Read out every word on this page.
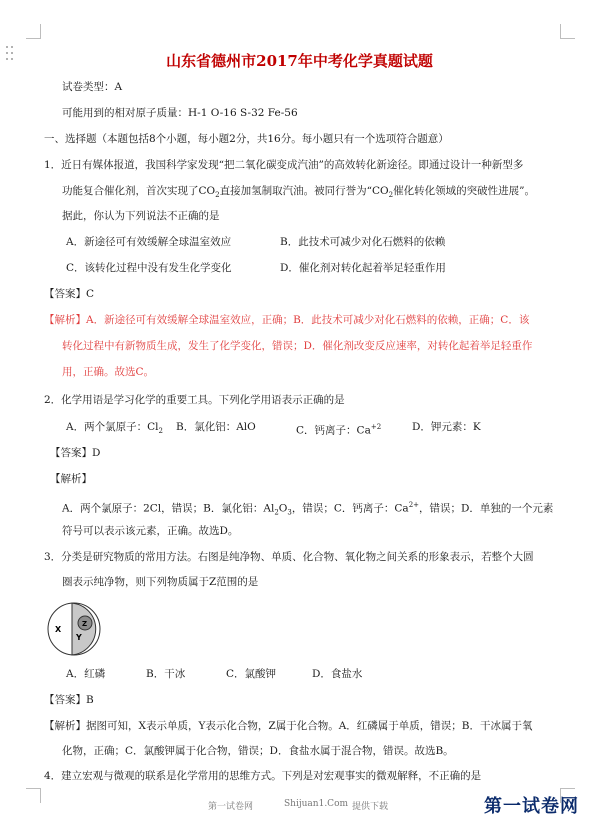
山东省德州市2017年中考化学真题试题
试卷类型：A
可能用到的相对原子质量：H-1 O-16 S-32 Fe-56
一、选择题（本题包括8个小题，每小题2分，共16分。每小题只有一个选项符合题意）
1．近日有媒体报道，我国科学家发现“把二氧化碳变成汽油”的高效转化新途径。即通过设计一种新型多
功能复合催化剂，首次实现了$CO_2$直接加氢制取汽油。被同行誉为“$CO_2$催化转化领域的突破性进展”。
据此，你认为下列说法不正确的是
A．新途径可有效缓解全球温室效应	B．此技术可减少对化石燃料的依赖
C．该转化过程中没有发生化学变化	D．催化剂对转化起着举足轻重作用
【答案】C
【解析】A．新途径可有效缓解全球温室效应，正确；B．此技术可减少对化石燃料的依赖，正确；C．该
转化过程中有新物质生成，发生了化学变化，错误；D．催化剂改变反应速率，对转化起着举足轻重作
用，正确。故选C。
2．化学用语是学习化学的重要工具。下列化学用语表示正确的是
A．两个氯原子：$Cl_2$ B．氯化铝：AlO	C．钙离子：$Ca^{+2}$	D．钾元素：K
【答案】D
【解析】
A．两个氯原子：2Cl，错误；B．氯化铝：$Al_2O_3$，错误；C．钙离子：$Ca^{2+}$，错误；D．单独的一个元素
符号可以表示该元素，正确。故选D。
3．分类是研究物质的常用方法。右图是纯净物、单质、化合物、氧化物之间关系的形象表示，若整个大圆
圈表示纯净物，则下列物质属于Z范围的是
X
Z
Y
A．红磷	B．干冰	C．氯酸钾	D．食盐水
【答案】B
【解析】据图可知，X表示单质，Y表示化合物，Z属于化合物。A．红磷属于单质，错误；B．干冰属于氧
化物，正确；C．氯酸钾属于化合物，错误；D．食盐水属于混合物，错误。故选B。
4．建立宏观与微观的联系是化学常用的思维方式。下列是对宏观事实的微观解释，不正确的是
第一试卷网	Shijuan1.Com 提供下载	第一试卷网
